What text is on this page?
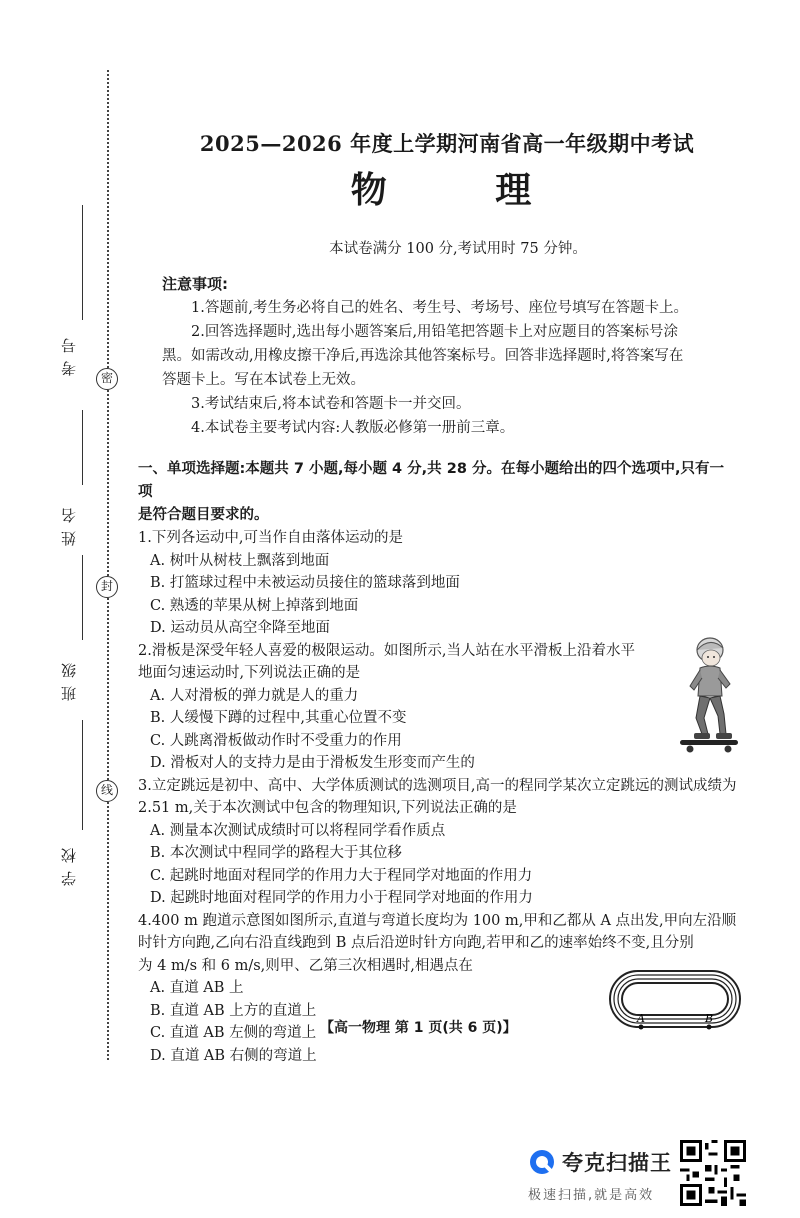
密
封
线
考号
姓名
班级
学校
2025—2026 年度上学期河南省高一年级期中考试
物 理
本试卷满分 100 分,考试用时 75 分钟。
注意事项:
1.答题前,考生务必将自己的姓名、考生号、考场号、座位号填写在答题卡上。
2.回答选择题时,选出每小题答案后,用铅笔把答题卡上对应题目的答案标号涂
黑。如需改动,用橡皮擦干净后,再选涂其他答案标号。回答非选择题时,将答案写在
答题卡上。写在本试卷上无效。
3.考试结束后,将本试卷和答题卡一并交回。
4.本试卷主要考试内容:人教版必修第一册前三章。
一、单项选择题:本题共 7 小题,每小题 4 分,共 28 分。在每小题给出的四个选项中,只有一项
是符合题目要求的。
1.下列各运动中,可当作自由落体运动的是
A. 树叶从树枝上飘落到地面
B. 打篮球过程中未被运动员接住的篮球落到地面
C. 熟透的苹果从树上掉落到地面
D. 运动员从高空伞降至地面
2.滑板是深受年轻人喜爱的极限运动。如图所示,当人站在水平滑板上沿着水平
地面匀速运动时,下列说法正确的是
A. 人对滑板的弹力就是人的重力
B. 人缓慢下蹲的过程中,其重心位置不变
C. 人跳离滑板做动作时不受重力的作用
D. 滑板对人的支持力是由于滑板发生形变而产生的
3.立定跳远是初中、高中、大学体质测试的选测项目,高一的程同学某次立定跳远的测试成绩为
2.51 m,关于本次测试中包含的物理知识,下列说法正确的是
A. 测量本次测试成绩时可以将程同学看作质点
B. 本次测试中程同学的路程大于其位移
C. 起跳时地面对程同学的作用力大于程同学对地面的作用力
D. 起跳时地面对程同学的作用力小于程同学对地面的作用力
4.400 m 跑道示意图如图所示,直道与弯道长度均为 100 m,甲和乙都从 A 点出发,甲向左沿顺
时针方向跑,乙向右沿直线跑到 B 点后沿逆时针方向跑,若甲和乙的速率始终不变,且分别
为 4 m/s 和 6 m/s,则甲、乙第三次相遇时,相遇点在
A. 直道 AB 上
B. 直道 AB 上方的直道上
C. 直道 AB 左侧的弯道上
D. 直道 AB 右侧的弯道上
A	B
【高一物理 第 1 页(共 6 页)】
夸克扫描王
极速扫描,就是高效
